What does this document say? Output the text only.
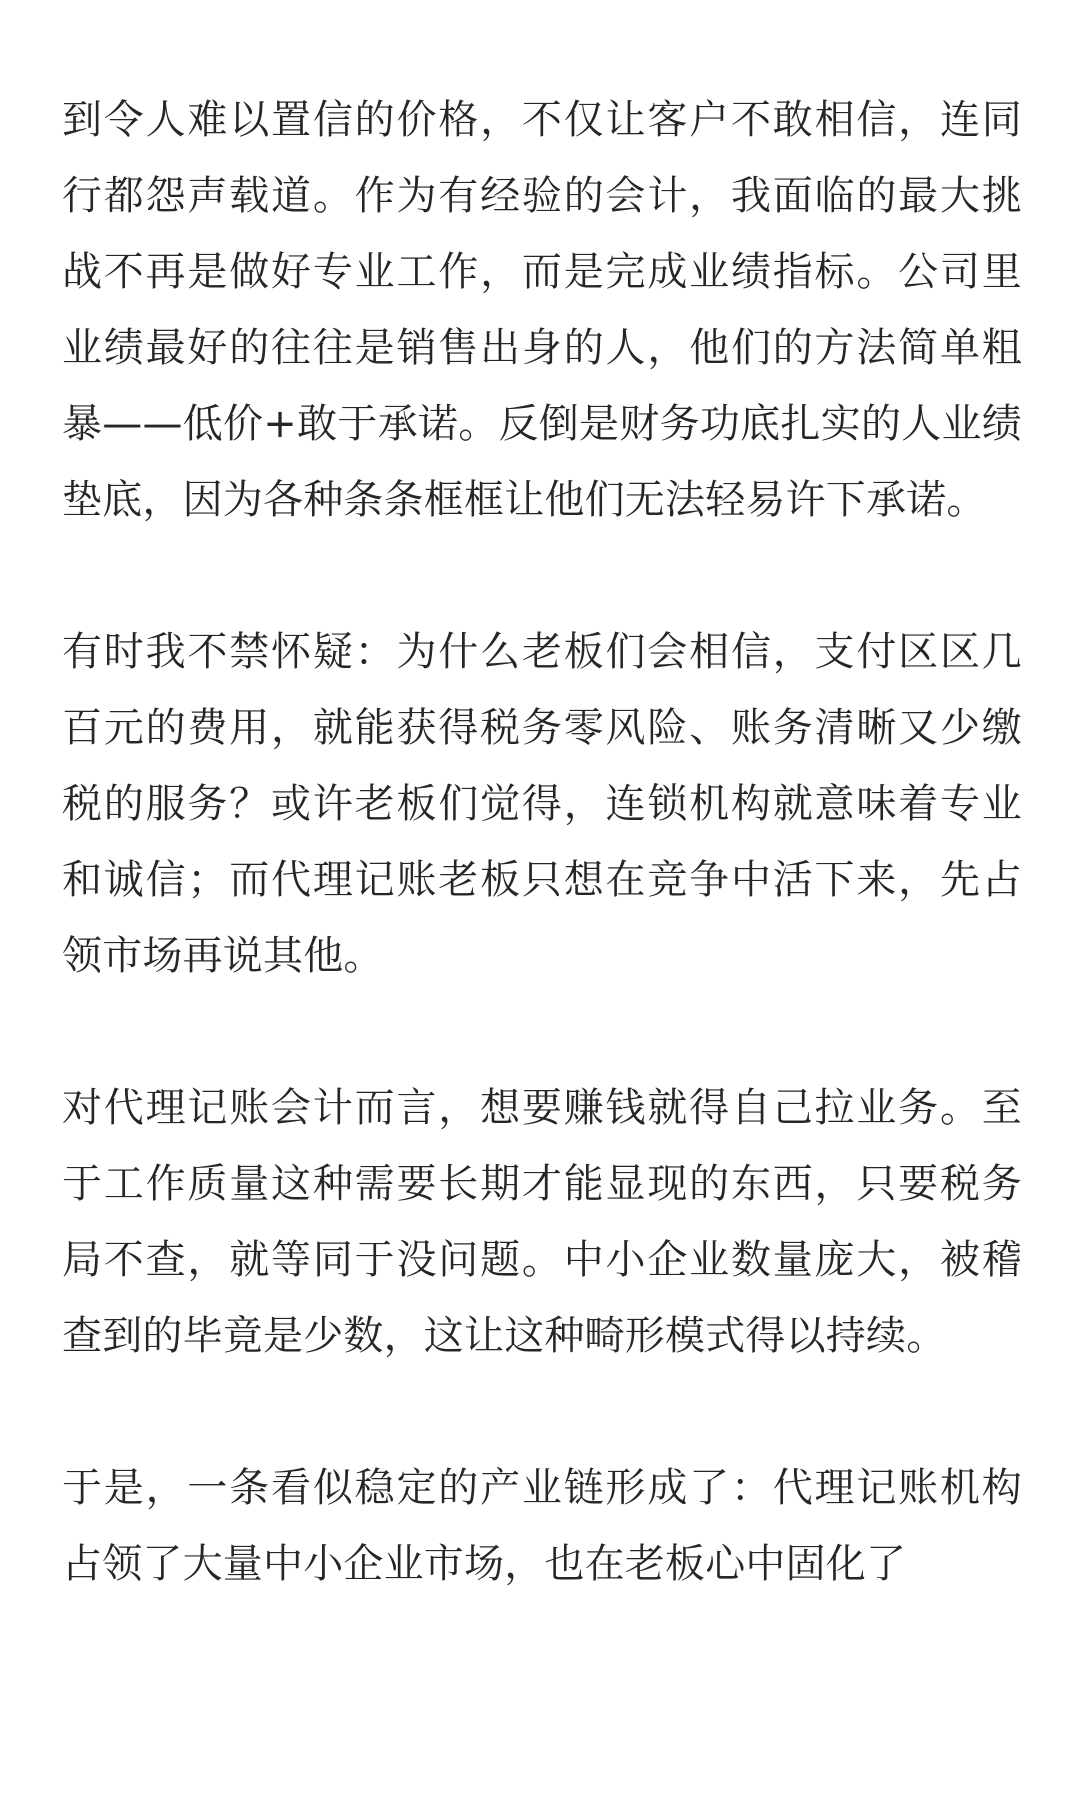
到令人难以置信的价格，不仅让客户不敢相信，连同行都怨声载道。作为有经验的会计，我面临的最大挑战不再是做好专业工作，而是完成业绩指标。公司里业绩最好的往往是销售出身的人，他们的方法简单粗暴——低价+敢于承诺。反倒是财务功底扎实的人业绩垫底，因为各种条条框框让他们无法轻易许下承诺。

有时我不禁怀疑：为什么老板们会相信，支付区区几百元的费用，就能获得税务零风险、账务清晰又少缴税的服务？或许老板们觉得，连锁机构就意味着专业和诚信；而代理记账老板只想在竞争中活下来，先占领市场再说其他。

对代理记账会计而言，想要赚钱就得自己拉业务。至于工作质量这种需要长期才能显现的东西，只要税务局不查，就等同于没问题。中小企业数量庞大，被稽查到的毕竟是少数，这让这种畸形模式得以持续。

于是，一条看似稳定的产业链形成了：代理记账机构占领了大量中小企业市场，也在老板心中固化了
